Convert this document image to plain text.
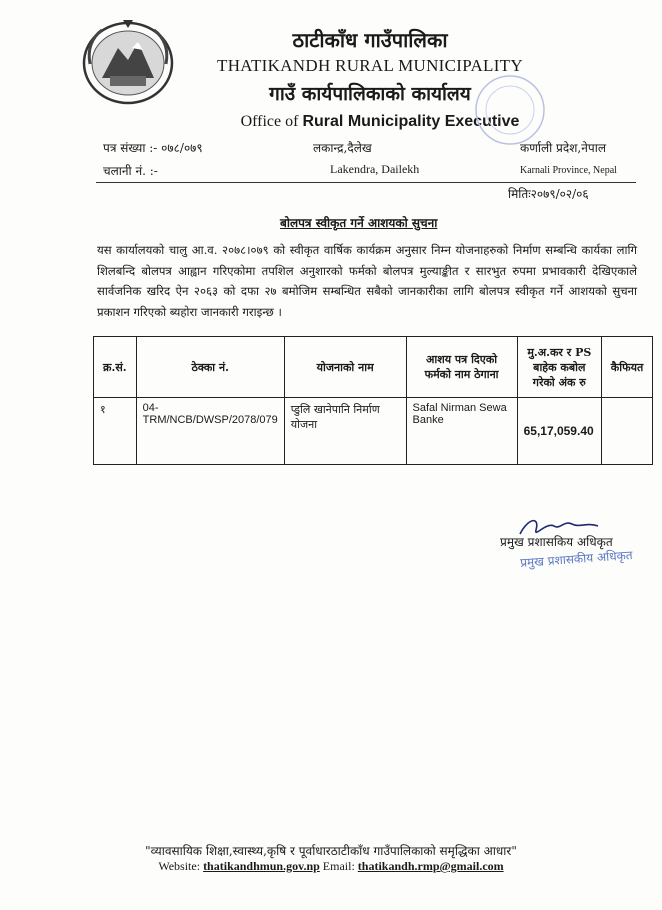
ठाटीकाँध गाउँपालिका
THATIKANDH RURAL MUNICIPALITY
गाउँ कार्यपालिकाको कार्यालय
Office of Rural Municipality Executive
पत्र संख्या :- ०७८/०७९	लकान्द्र,दैलेख	कर्णाली प्रदेश,नेपाल
चलानी नं. :-	Lakendra, Dailekh	Karnali Province, Nepal
मितिः२०७९/०२/०६
बोलपत्र स्वीकृत गर्ने आशयको सुचना
यस कार्यालयको चालु आ.व. २०७८।०७९ को स्वीकृत वार्षिक कार्यक्रम अनुसार निम्न योजनाहरुको निर्माण सम्बन्धि कार्यका लागि शिलबन्दि बोलपत्र आह्वान गरिएकोमा तपशिल अनुशारको फर्मको बोलपत्र मुल्याङ्कीत र सारभुत रुपमा प्रभावकारी देखिएकाले सार्वजनिक खरिद ऐन २०६३ को दफा २७ बमोजिम सम्बन्धित सबैको जानकारीका लागि बोलपत्र स्वीकृत गर्ने आशयको सुचना प्रकाशन गरिएको ब्यहोरा जानकारी गराइन्छ ।
क्र.सं.	ठेक्का नं.	योजनाको नाम	आशय पत्र दिएको फर्मको नाम ठेगाना	मु.अ.कर र PS बाहेक कबोल गरेको अंक रु	कैफियत
१	04-TRM/NCB/DWSP/2078/079	प्डुलि खानेपानि निर्माण योजना	Safal Nirman Sewa Banke	65,17,059.40	
प्रमुख प्रशासकिय अधिकृत
प्रमुख प्रशासकीय अधिकृत
"व्यावसायिक शिक्षा,स्वास्थ्य,कृषि र पूर्वाधारठाटीकाँध गाउँपालिकाको समृद्धिका आधार"
Website: thatikandhmun.gov.np Email: thatikandh.rmp@gmail.com
